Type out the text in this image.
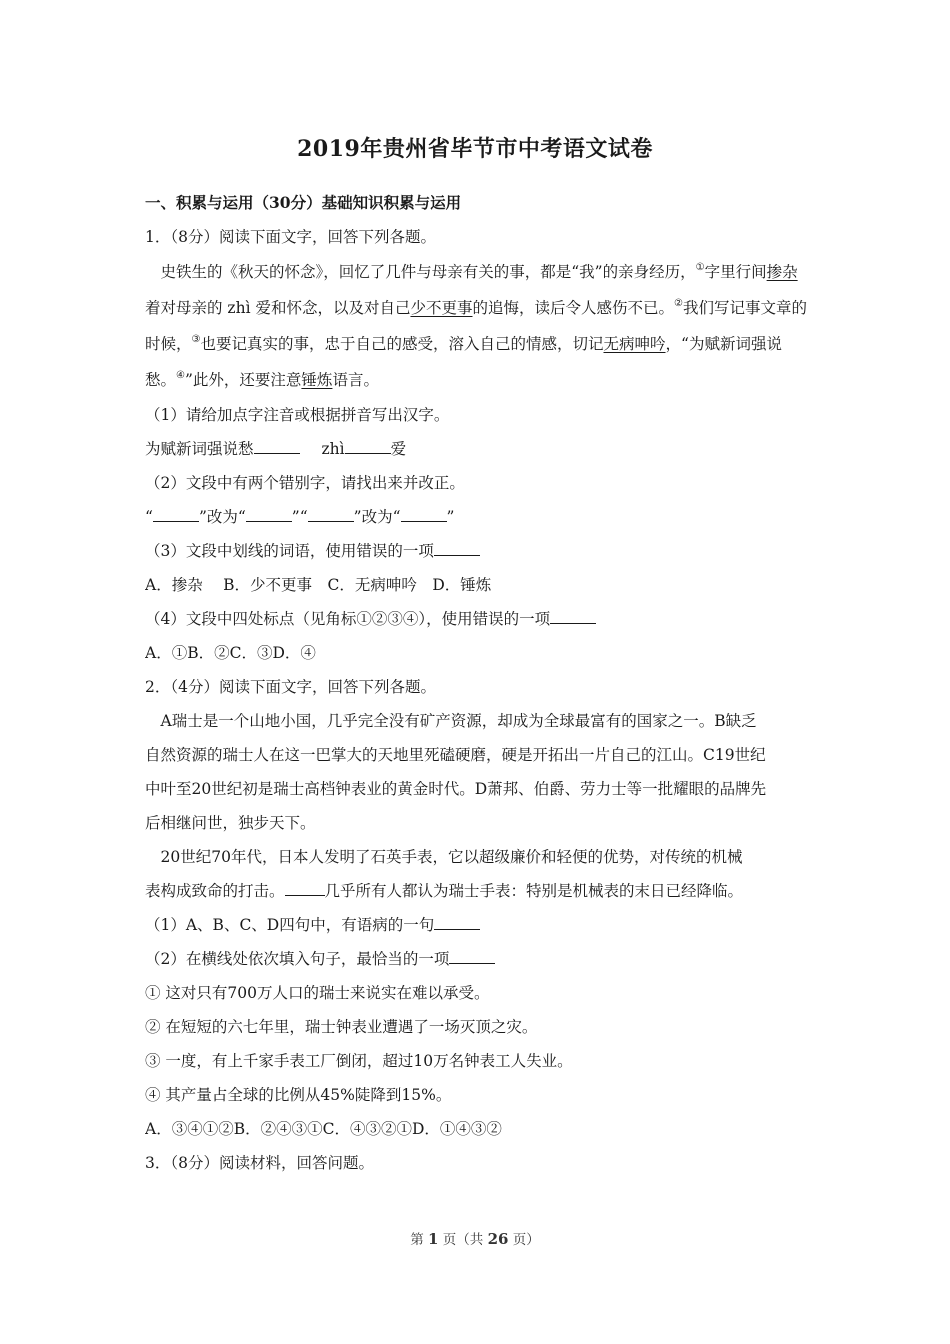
2019年贵州省毕节市中考语文试卷
一、积累与运用（30分）基础知识积累与运用
1．（8分）阅读下面文字，回答下列各题。
史铁生的《秋天的怀念》，回忆了几件与母亲有关的事，都是“我”的亲身经历，①字里行间掺杂着对母亲的 zhì 爱和怀念，以及对自己少不更事的追悔，读后令人感伤不已。②我们写记事文章的时候，③也要记真实的事，忠于自己的感受，溶入自己的情感，切记无病呻吟，“为赋新词强说愁。④”此外，还要注意锤炼语言。
（1）请给加点字注音或根据拼音写出汉字。
为赋新词强说愁	zhì	爱
（2）文段中有两个错别字，请找出来并改正。
“	”改为“	”“	”改为“	”
（3）文段中划线的词语，使用错误的一项
A．掺杂　 B．少不更事　C．无病呻吟　D．锤炼
（4）文段中四处标点（见角标①②③④），使用错误的一项
A．①B．②C．③D．④
2．（4分）阅读下面文字，回答下列各题。
A瑞士是一个山地小国，几乎完全没有矿产资源，却成为全球最富有的国家之一。B缺乏
自然资源的瑞士人在这一巴掌大的天地里死磕硬磨，硬是开拓出一片自己的江山。C19世纪
中叶至20世纪初是瑞士高档钟表业的黄金时代。D萧邦、伯爵、劳力士等一批耀眼的品牌先
后相继问世，独步天下。
20世纪70年代，日本人发明了石英手表，它以超级廉价和轻便的优势，对传统的机械
表构成致命的打击。	几乎所有人都认为瑞士手表：特别是机械表的末日已经降临。
（1）A、B、C、D四句中，有语病的一句
（2）在横线处依次填入句子，最恰当的一项
① 这对只有700万人口的瑞士来说实在难以承受。
② 在短短的六七年里，瑞士钟表业遭遇了一场灭顶之灾。
③ 一度，有上千家手表工厂倒闭，超过10万名钟表工人失业。
④ 其产量占全球的比例从45%陡降到15%。
A．③④①②B．②④③①C．④③②①D．①④③②
3．（8分）阅读材料，回答问题。
第 1 页（共 26 页）
